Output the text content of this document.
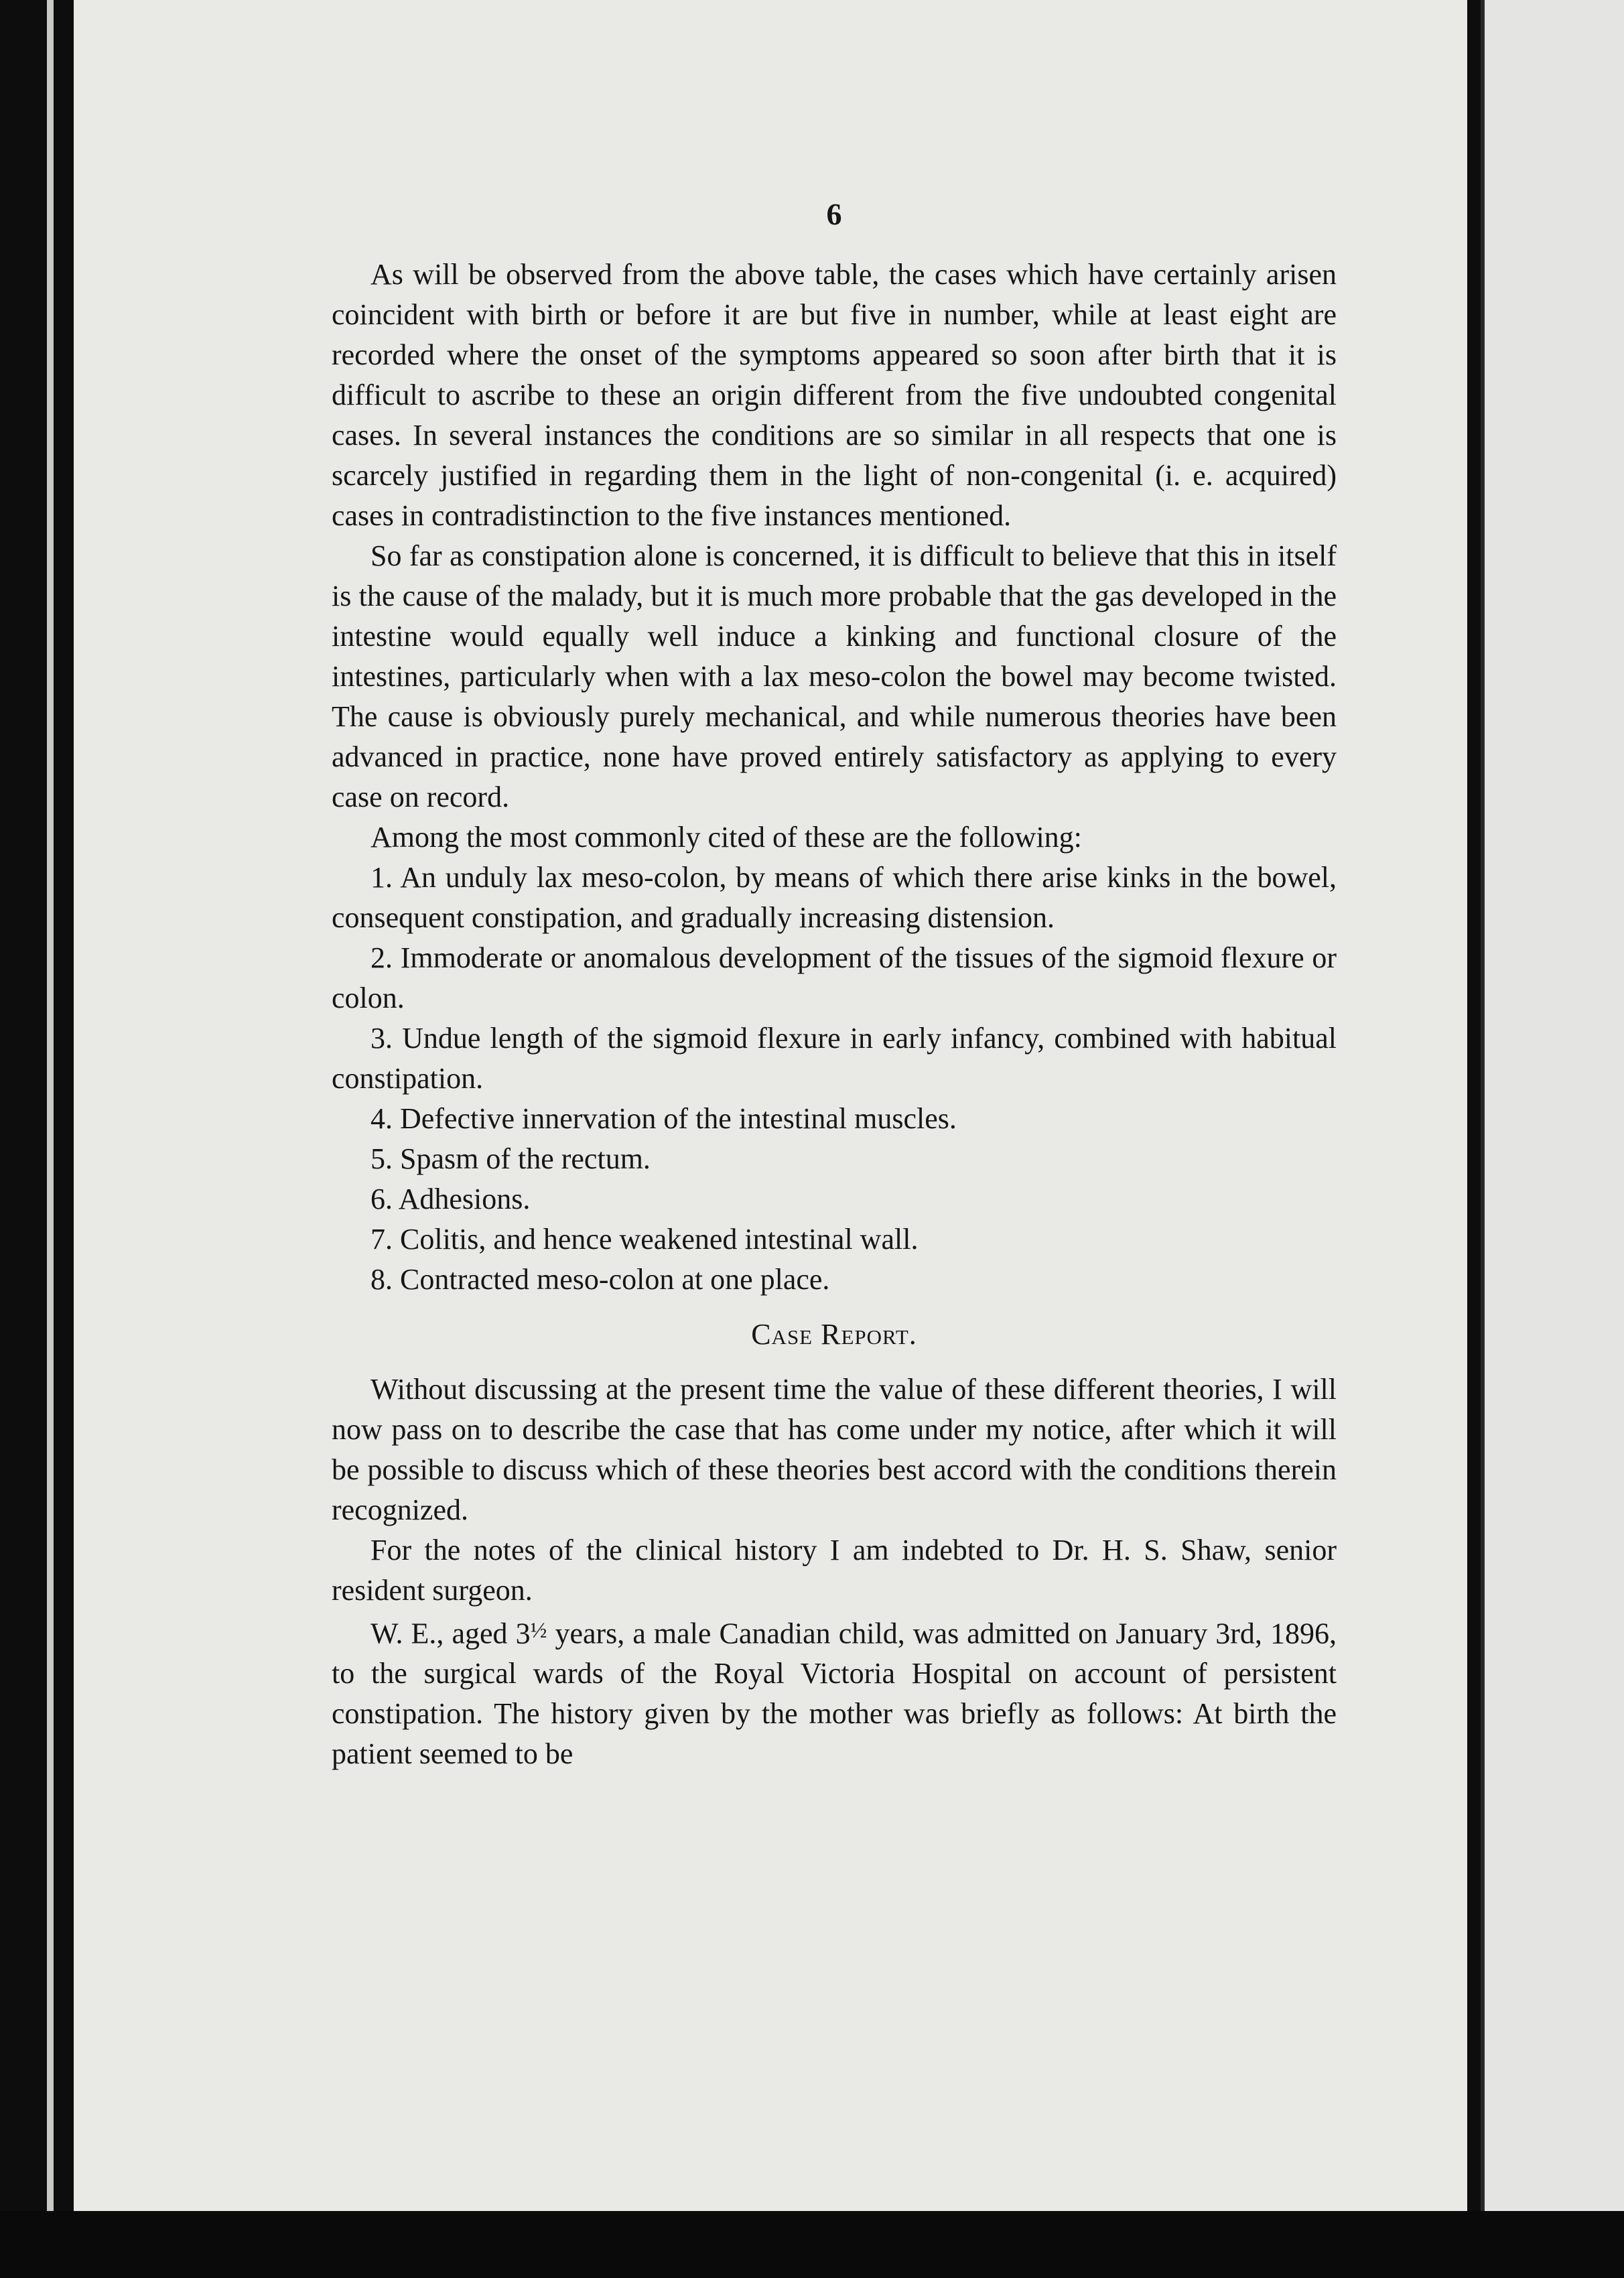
6

As will be observed from the above table, the cases which have certainly arisen coincident with birth or before it are but five in number, while at least eight are recorded where the onset of the symptoms appeared so soon after birth that it is difficult to ascribe to these an origin different from the five undoubted congenital cases. In several instances the conditions are so similar in all respects that one is scarcely justified in regarding them in the light of non-congenital (i. e. acquired) cases in contradistinction to the five instances mentioned.

So far as constipation alone is concerned, it is difficult to believe that this in itself is the cause of the malady, but it is much more probable that the gas developed in the intestine would equally well induce a kinking and functional closure of the intestines, particularly when with a lax meso-colon the bowel may become twisted. The cause is obviously purely mechanical, and while numerous theories have been advanced in practice, none have proved entirely satisfactory as applying to every case on record.

Among the most commonly cited of these are the following:

1. An unduly lax meso-colon, by means of which there arise kinks in the bowel, consequent constipation, and gradually increasing distension.

2. Immoderate or anomalous development of the tissues of the sigmoid flexure or colon.

3. Undue length of the sigmoid flexure in early infancy, combined with habitual constipation.

4. Defective innervation of the intestinal muscles.

5. Spasm of the rectum.

6. Adhesions.

7. Colitis, and hence weakened intestinal wall.

8. Contracted meso-colon at one place.

Case Report.

Without discussing at the present time the value of these different theories, I will now pass on to describe the case that has come under my notice, after which it will be possible to discuss which of these theories best accord with the conditions therein recognized.

For the notes of the clinical history I am indebted to Dr. H. S. Shaw, senior resident surgeon.

W. E., aged 3½ years, a male Canadian child, was admitted on January 3rd, 1896, to the surgical wards of the Royal Victoria Hospital on account of persistent constipation. The history given by the mother was briefly as follows: At birth the patient seemed to be
